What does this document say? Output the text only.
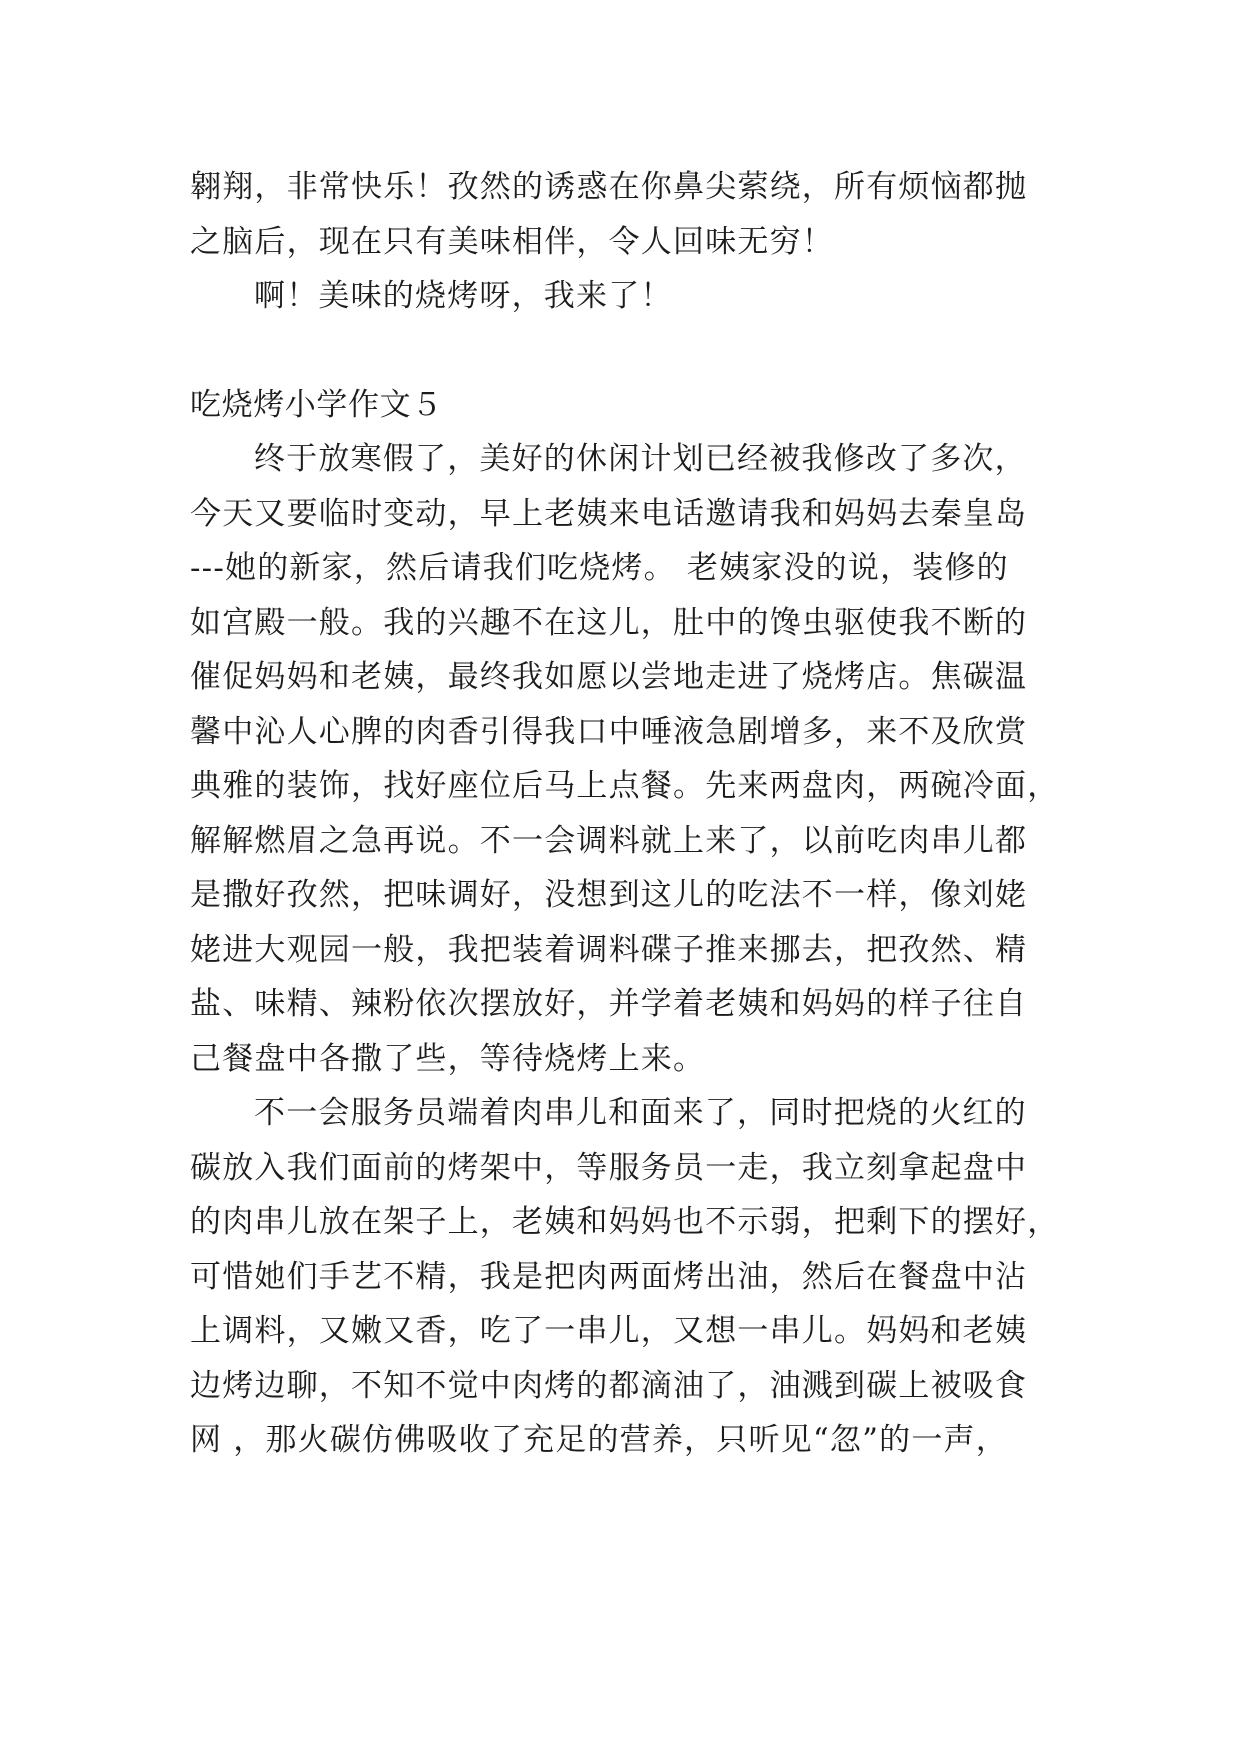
翱翔，非常快乐！孜然的诱惑在你鼻尖萦绕，所有烦恼都抛
之脑后，现在只有美味相伴，令人回味无穷！
啊！美味的烧烤呀，我来了！
吃烧烤小学作文５
终于放寒假了，美好的休闲计划已经被我修改了多次，
今天又要临时变动，早上老姨来电话邀请我和妈妈去秦皇岛
---她的新家，然后请我们吃烧烤。 老姨家没的说，装修的
如宫殿一般。我的兴趣不在这儿，肚中的馋虫驱使我不断的
催促妈妈和老姨，最终我如愿以尝地走进了烧烤店。焦碳温
馨中沁人心脾的肉香引得我口中唾液急剧增多，来不及欣赏
典雅的装饰，找好座位后马上点餐。先来两盘肉，两碗冷面，
解解燃眉之急再说。不一会调料就上来了，以前吃肉串儿都
是撒好孜然，把味调好，没想到这儿的吃法不一样，像刘姥
姥进大观园一般，我把装着调料碟子推来挪去，把孜然、精
盐、味精、辣粉依次摆放好，并学着老姨和妈妈的样子往自
己餐盘中各撒了些，等待烧烤上来。
不一会服务员端着肉串儿和面来了，同时把烧的火红的
碳放入我们面前的烤架中，等服务员一走，我立刻拿起盘中
的肉串儿放在架子上，老姨和妈妈也不示弱，把剩下的摆好，
可惜她们手艺不精，我是把肉两面烤出油，然后在餐盘中沾
上调料，又嫩又香，吃了一串儿，又想一串儿。妈妈和老姨
边烤边聊，不知不觉中肉烤的都滴油了，油溅到碳上被吸食
网 ，那火碳仿佛吸收了充足的营养，只听见“忽”的一声，
